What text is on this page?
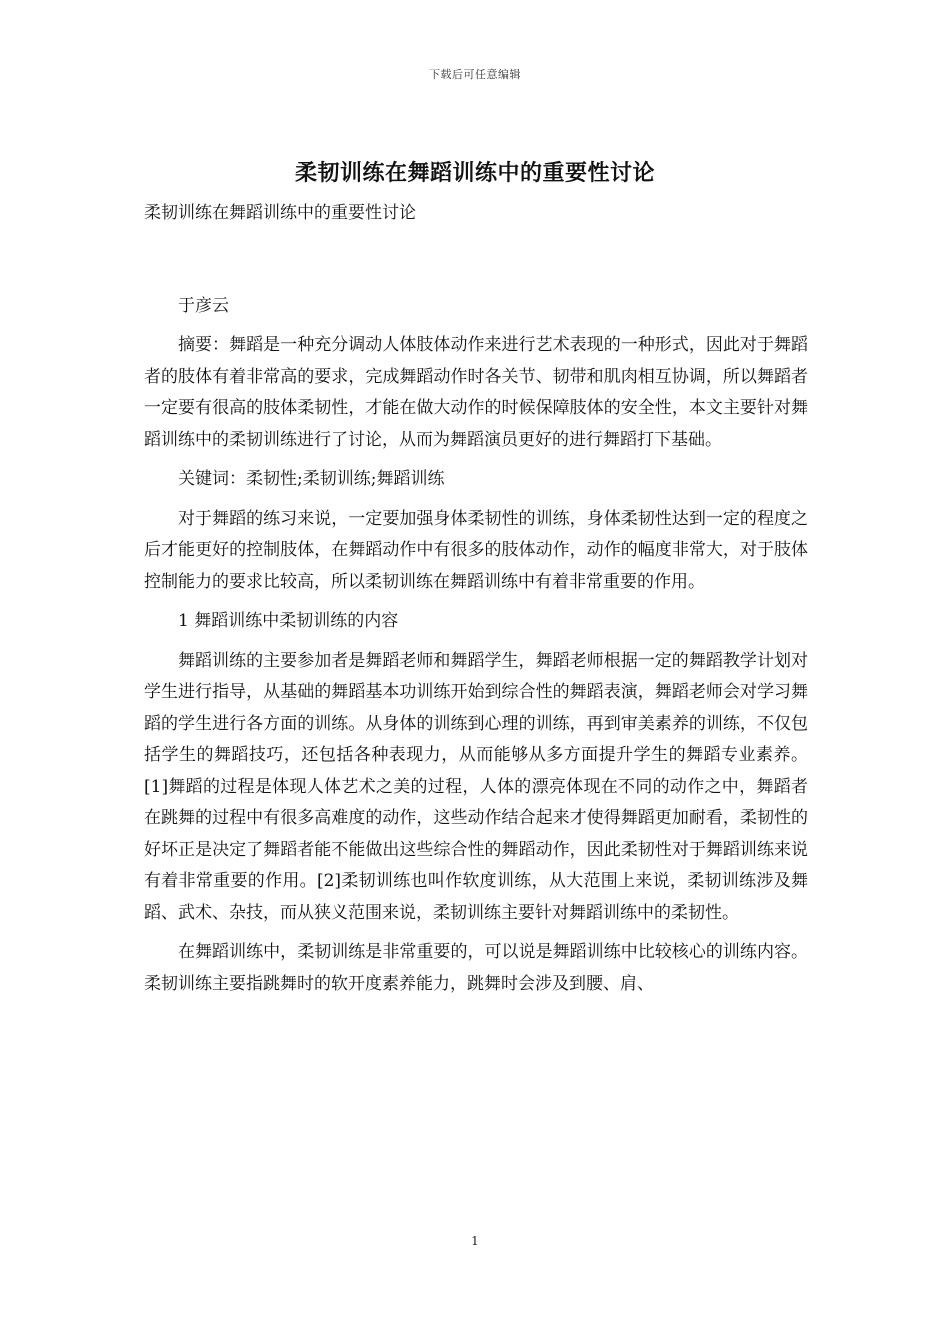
下载后可任意编辑
柔韧训练在舞蹈训练中的重要性讨论

柔韧训练在舞蹈训练中的重要性讨论

于彦云

摘要：舞蹈是一种充分调动人体肢体动作来进行艺术表现的一种形式，因此对于舞蹈者的肢体有着非常高的要求，完成舞蹈动作时各关节、韧带和肌肉相互协调，所以舞蹈者一定要有很高的肢体柔韧性，才能在做大动作的时候保障肢体的安全性，本文主要针对舞蹈训练中的柔韧训练进行了讨论，从而为舞蹈演员更好的进行舞蹈打下基础。

关键词：柔韧性;柔韧训练;舞蹈训练

对于舞蹈的练习来说，一定要加强身体柔韧性的训练，身体柔韧性达到一定的程度之后才能更好的控制肢体，在舞蹈动作中有很多的肢体动作，动作的幅度非常大，对于肢体控制能力的要求比较高，所以柔韧训练在舞蹈训练中有着非常重要的作用。

1 舞蹈训练中柔韧训练的内容

舞蹈训练的主要参加者是舞蹈老师和舞蹈学生，舞蹈老师根据一定的舞蹈教学计划对学生进行指导，从基础的舞蹈基本功训练开始到综合性的舞蹈表演，舞蹈老师会对学习舞蹈的学生进行各方面的训练。从身体的训练到心理的训练，再到审美素养的训练，不仅包括学生的舞蹈技巧，还包括各种表现力，从而能够从多方面提升学生的舞蹈专业素养。[1]舞蹈的过程是体现人体艺术之美的过程，人体的漂亮体现在不同的动作之中，舞蹈者在跳舞的过程中有很多高难度的动作，这些动作结合起来才使得舞蹈更加耐看，柔韧性的好坏正是决定了舞蹈者能不能做出这些综合性的舞蹈动作，因此柔韧性对于舞蹈训练来说有着非常重要的作用。[2]柔韧训练也叫作软度训练，从大范围上来说，柔韧训练涉及舞蹈、武术、杂技，而从狭义范围来说，柔韧训练主要针对舞蹈训练中的柔韧性。

在舞蹈训练中，柔韧训练是非常重要的，可以说是舞蹈训练中比较核心的训练内容。柔韧训练主要指跳舞时的软开度素养能力，跳舞时会涉及到腰、肩、

1
